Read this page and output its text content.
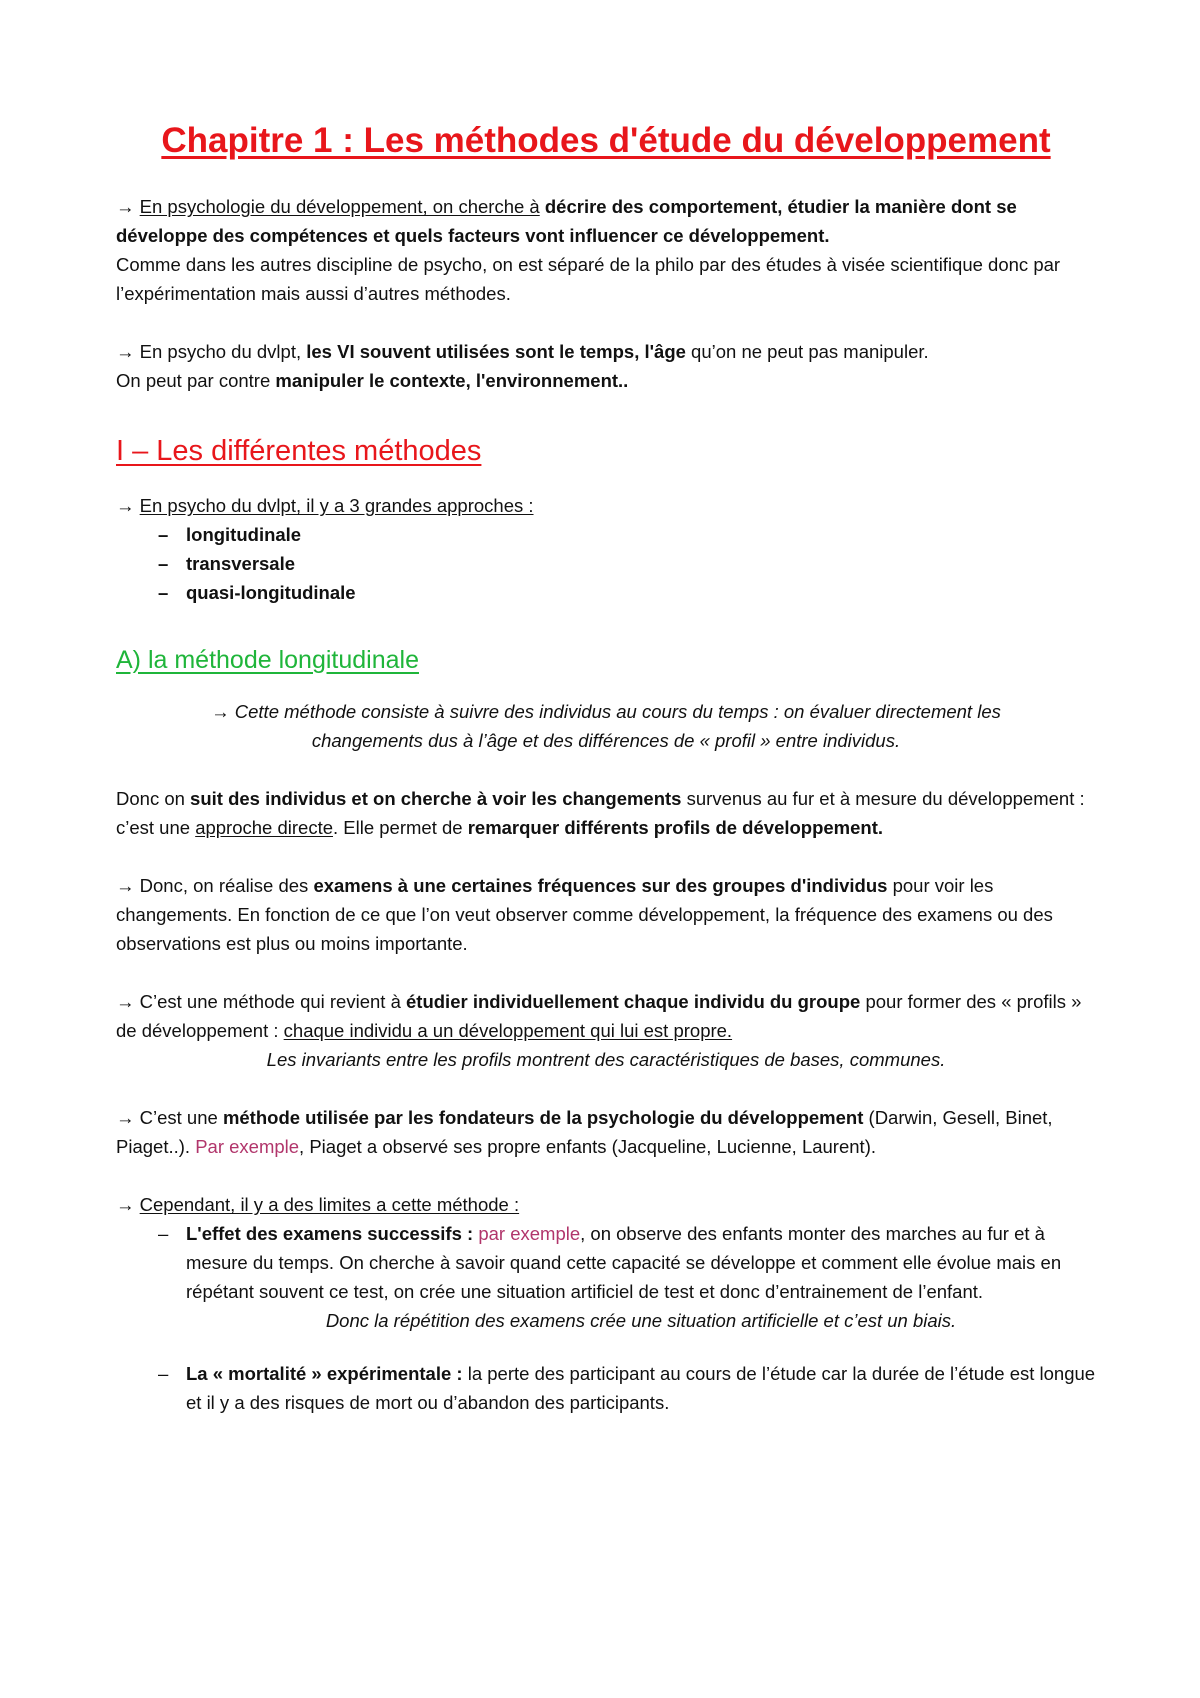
Chapitre 1 : Les méthodes d'étude du développement

→ En psychologie du développement, on cherche à décrire des comportement, étudier la manière dont se développe des compétences et quels facteurs vont influencer ce développement.

Comme dans les autres discipline de psycho, on est séparé de la philo par des études à visée scientifique donc par l’expérimentation mais aussi d’autres méthodes.

→ En psycho du dvlpt, les VI souvent utilisées sont le temps, l'âge qu’on ne peut pas manipuler.

On peut par contre manipuler le contexte, l'environnement..

I – Les différentes méthodes

→ En psycho du dvlpt, il y a 3 grandes approches :

– longitudinale
– transversale
– quasi-longitudinale
A) la méthode longitudinale

→ Cette méthode consiste à suivre des individus au cours du temps : on évaluer directement les

changements dus à l’âge et des différences de « profil » entre individus.

Donc on suit des individus et on cherche à voir les changements survenus au fur et à mesure du développement : c’est une approche directe. Elle permet de remarquer différents profils de développement.

→ Donc, on réalise des examens à une certaines fréquences sur des groupes d'individus pour voir les changements. En fonction de ce que l’on veut observer comme développement, la fréquence des examens ou des observations est plus ou moins importante.

→ C’est une méthode qui revient à étudier individuellement chaque individu du groupe pour former des « profils » de développement : chaque individu a un développement qui lui est propre.

Les invariants entre les profils montrent des caractéristiques de bases, communes.

→ C’est une méthode utilisée par les fondateurs de la psychologie du développement (Darwin, Gesell, Binet, Piaget..). Par exemple, Piaget a observé ses propre enfants (Jacqueline, Lucienne, Laurent).

→ Cependant, il y a des limites a cette méthode :

– L'effet des examens successifs : par exemple, on observe des enfants monter des marches au fur et à mesure du temps. On cherche à savoir quand cette capacité se développe et comment elle évolue mais en répétant souvent ce test, on crée une situation artificiel de test et donc d’entrainement de l’enfant.
Donc la répétition des examens crée une situation artificielle et c’est un biais.
– La « mortalité » expérimentale : la perte des participant au cours de l’étude car la durée de l’étude est longue et il y a des risques de mort ou d’abandon des participants.
